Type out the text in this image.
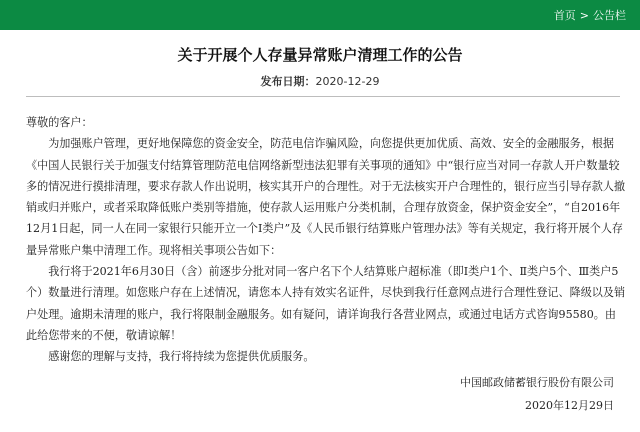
首页 > 公告栏
关于开展个人存量异常账户清理工作的公告
发布日期：2020-12-29

尊敬的客户：

为加强账户管理，更好地保障您的资金安全，防范电信诈骗风险，向您提供更加优质、高效、安全的金融服务，根据《中国人民银行关于加强支付结算管理防范电信网络新型违法犯罪有关事项的通知》中“银行应当对同一存款人开户数量较多的情况进行摸排清理，要求存款人作出说明，核实其开户的合理性。对于无法核实开户合理性的，银行应当引导存款人撤销或归并账户，或者采取降低账户类别等措施，使存款人运用账户分类机制，合理存放资金，保护资金安全”，“自2016年12月1日起，同一人在同一家银行只能开立一个Ⅰ类户”及《人民币银行结算账户管理办法》等有关规定，我行将开展个人存量异常账户集中清理工作。现将相关事项公告如下：

我行将于2021年6月30日（含）前逐步分批对同一客户名下个人结算账户超标准（即Ⅰ类户1个、Ⅱ类户5个、Ⅲ类户5个）数量进行清理。如您账户存在上述情况，请您本人持有效实名证件，尽快到我行任意网点进行合理性登记、降级以及销户处理。逾期未清理的账户，我行将限制金融服务。如有疑问，请详询我行各营业网点，或通过电话方式咨询95580。由此给您带来的不便，敬请谅解！

感谢您的理解与支持，我行将持续为您提供优质服务。

中国邮政储蓄银行股份有限公司
2020年12月29日
